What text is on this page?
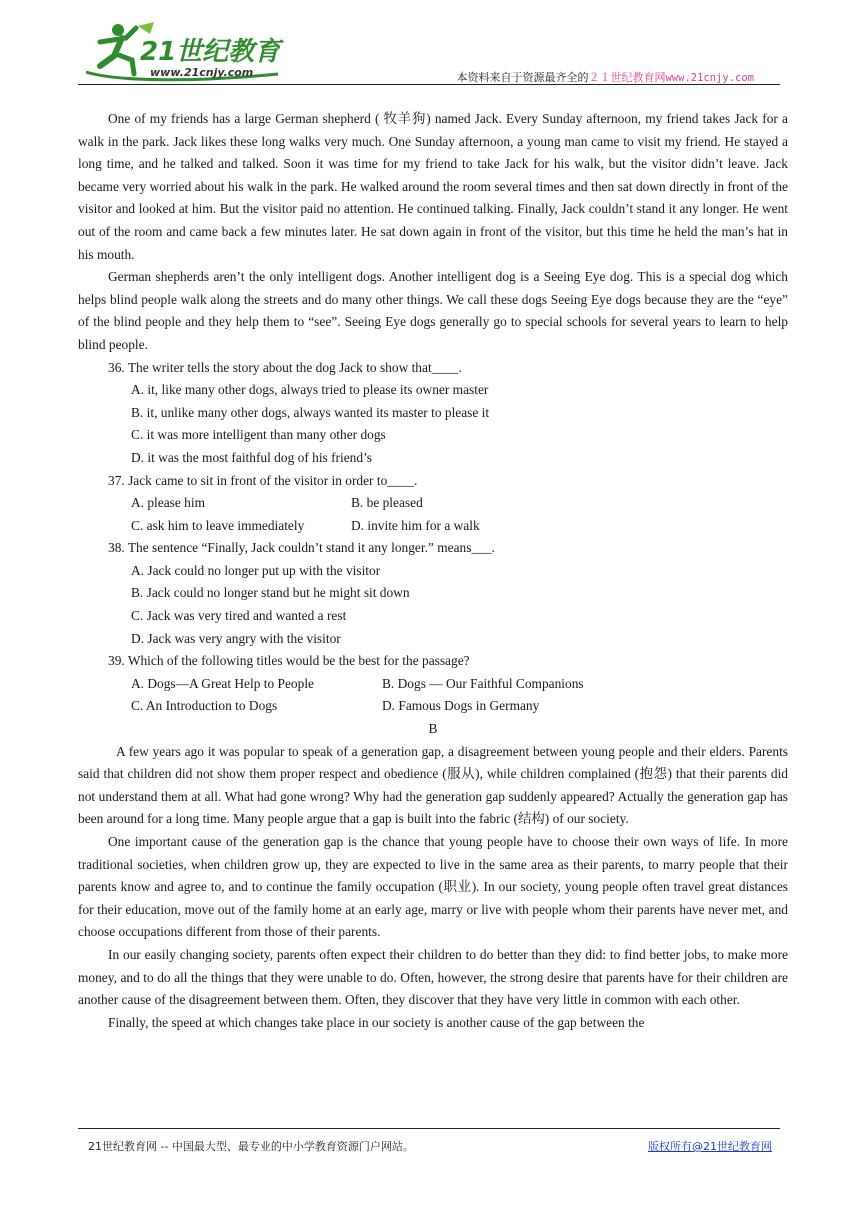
21世纪教育
www.21cnjy.com	本资料来自于资源最齐全的２１世纪教育网www.21cnjy.com

One of my friends has a large German shepherd ( 牧羊狗) named Jack. Every Sunday afternoon, my friend takes Jack for a walk in the park. Jack likes these long walks very much. One Sunday afternoon, a young man came to visit my friend. He stayed a long time, and he talked and talked. Soon it was time for my friend to take Jack for his walk, but the visitor didn’t leave. Jack became very worried about his walk in the park. He walked around the room several times and then sat down directly in front of the visitor and looked at him. But the visitor paid no attention. He continued talking. Finally, Jack couldn’t stand it any longer. He went out of the room and came back a few minutes later. He sat down again in front of the visitor, but this time he held the man’s hat in his mouth.

German shepherds aren’t the only intelligent dogs. Another intelligent dog is a Seeing Eye dog. This is a special dog which helps blind people walk along the streets and do many other things. We call these dogs Seeing Eye dogs because they are the “eye” of the blind people and they help them to “see”. Seeing Eye dogs generally go to special schools for several years to learn to help blind people.

36. The writer tells the story about the dog Jack to show that____.

A. it, like many other dogs, always tried to please its owner master

B. it, unlike many other dogs, always wanted its master to please it

C. it was more intelligent than many other dogs

D. it was the most faithful dog of his friend’s

37. Jack came to sit in front of the visitor in order to____.

A. please him	B. be pleased
C. ask him to leave immediately	D. invite him for a walk

38. The sentence “Finally, Jack couldn’t stand it any longer.” means___.

A. Jack could no longer put up with the visitor

B. Jack could no longer stand but he might sit down

C. Jack was very tired and wanted a rest

D. Jack was very angry with the visitor

39. Which of the following titles would be the best for the passage?

A. Dogs—A Great Help to People	B. Dogs — Our Faithful Companions
C. An Introduction to Dogs	D. Famous Dogs in Germany

B

A few years ago it was popular to speak of a generation gap, a disagreement between young people and their elders. Parents said that children did not show them proper respect and obedience (服从), while children complained (抱怨) that their parents did not understand them at all. What had gone wrong? Why had the generation gap suddenly appeared? Actually the generation gap has been around for a long time. Many people argue that a gap is built into the fabric (结构) of our society.

One important cause of the generation gap is the chance that young people have to choose their own ways of life. In more traditional societies, when children grow up, they are expected to live in the same area as their parents, to marry people that their parents know and agree to, and to continue the family occupation (职业). In our society, young people often travel great distances for their education, move out of the family home at an early age, marry or live with people whom their parents have never met, and choose occupations different from those of their parents.

In our easily changing society, parents often expect their children to do better than they did: to find better jobs, to make more money, and to do all the things that they were unable to do. Often, however, the strong desire that parents have for their children are another cause of the disagreement between them. Often, they discover that they have very little in common with each other.

Finally, the speed at which changes take place in our society is another cause of the gap between the

21世纪教育网 -- 中国最大型、最专业的中小学教育资源门户网站。	版权所有@21世纪教育网
